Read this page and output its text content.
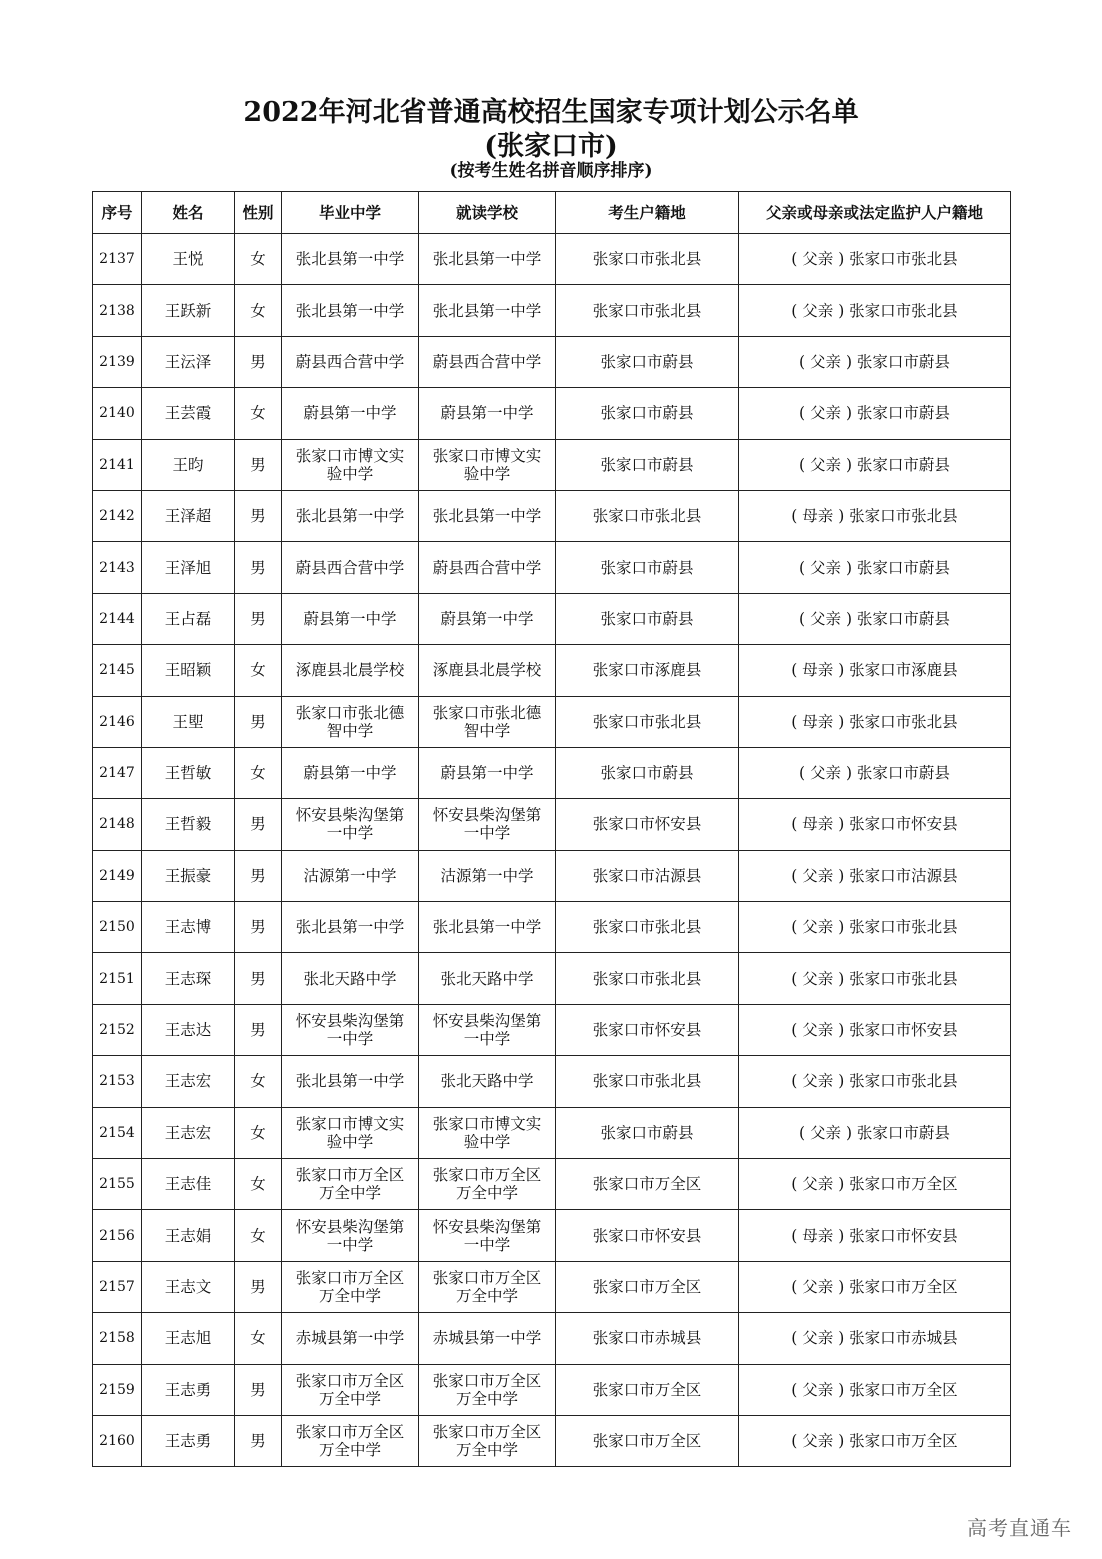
2022年河北省普通高校招生国家专项计划公示名单
(张家口市)
(按考生姓名拼音顺序排序)
序号	姓名	性别	毕业中学	就读学校	考生户籍地	父亲或母亲或法定监护人户籍地
2137	王悦	女	张北县第一中学	张北县第一中学	张家口市张北县	( 父亲 ) 张家口市张北县
2138	王跃新	女	张北县第一中学	张北县第一中学	张家口市张北县	( 父亲 ) 张家口市张北县
2139	王沄泽	男	蔚县西合营中学	蔚县西合营中学	张家口市蔚县	( 父亲 ) 张家口市蔚县
2140	王芸霞	女	蔚县第一中学	蔚县第一中学	张家口市蔚县	( 父亲 ) 张家口市蔚县
2141	王昀	男	张家口市博文实验中学	张家口市博文实验中学	张家口市蔚县	( 父亲 ) 张家口市蔚县
2142	王泽超	男	张北县第一中学	张北县第一中学	张家口市张北县	( 母亲 ) 张家口市张北县
2143	王泽旭	男	蔚县西合营中学	蔚县西合营中学	张家口市蔚县	( 父亲 ) 张家口市蔚县
2144	王占磊	男	蔚县第一中学	蔚县第一中学	张家口市蔚县	( 父亲 ) 张家口市蔚县
2145	王昭颖	女	涿鹿县北晨学校	涿鹿县北晨学校	张家口市涿鹿县	( 母亲 ) 张家口市涿鹿县
2146	王堲	男	张家口市张北德智中学	张家口市张北德智中学	张家口市张北县	( 母亲 ) 张家口市张北县
2147	王哲敏	女	蔚县第一中学	蔚县第一中学	张家口市蔚县	( 父亲 ) 张家口市蔚县
2148	王哲毅	男	怀安县柴沟堡第一中学	怀安县柴沟堡第一中学	张家口市怀安县	( 母亲 ) 张家口市怀安县
2149	王振豪	男	沽源第一中学	沽源第一中学	张家口市沽源县	( 父亲 ) 张家口市沽源县
2150	王志博	男	张北县第一中学	张北县第一中学	张家口市张北县	( 父亲 ) 张家口市张北县
2151	王志琛	男	张北天路中学	张北天路中学	张家口市张北县	( 父亲 ) 张家口市张北县
2152	王志达	男	怀安县柴沟堡第一中学	怀安县柴沟堡第一中学	张家口市怀安县	( 父亲 ) 张家口市怀安县
2153	王志宏	女	张北县第一中学	张北天路中学	张家口市张北县	( 父亲 ) 张家口市张北县
2154	王志宏	女	张家口市博文实验中学	张家口市博文实验中学	张家口市蔚县	( 父亲 ) 张家口市蔚县
2155	王志佳	女	张家口市万全区万全中学	张家口市万全区万全中学	张家口市万全区	( 父亲 ) 张家口市万全区
2156	王志娟	女	怀安县柴沟堡第一中学	怀安县柴沟堡第一中学	张家口市怀安县	( 母亲 ) 张家口市怀安县
2157	王志文	男	张家口市万全区万全中学	张家口市万全区万全中学	张家口市万全区	( 父亲 ) 张家口市万全区
2158	王志旭	女	赤城县第一中学	赤城县第一中学	张家口市赤城县	( 父亲 ) 张家口市赤城县
2159	王志勇	男	张家口市万全区万全中学	张家口市万全区万全中学	张家口市万全区	( 父亲 ) 张家口市万全区
2160	王志勇	男	张家口市万全区万全中学	张家口市万全区万全中学	张家口市万全区	( 父亲 ) 张家口市万全区
高考直通车
